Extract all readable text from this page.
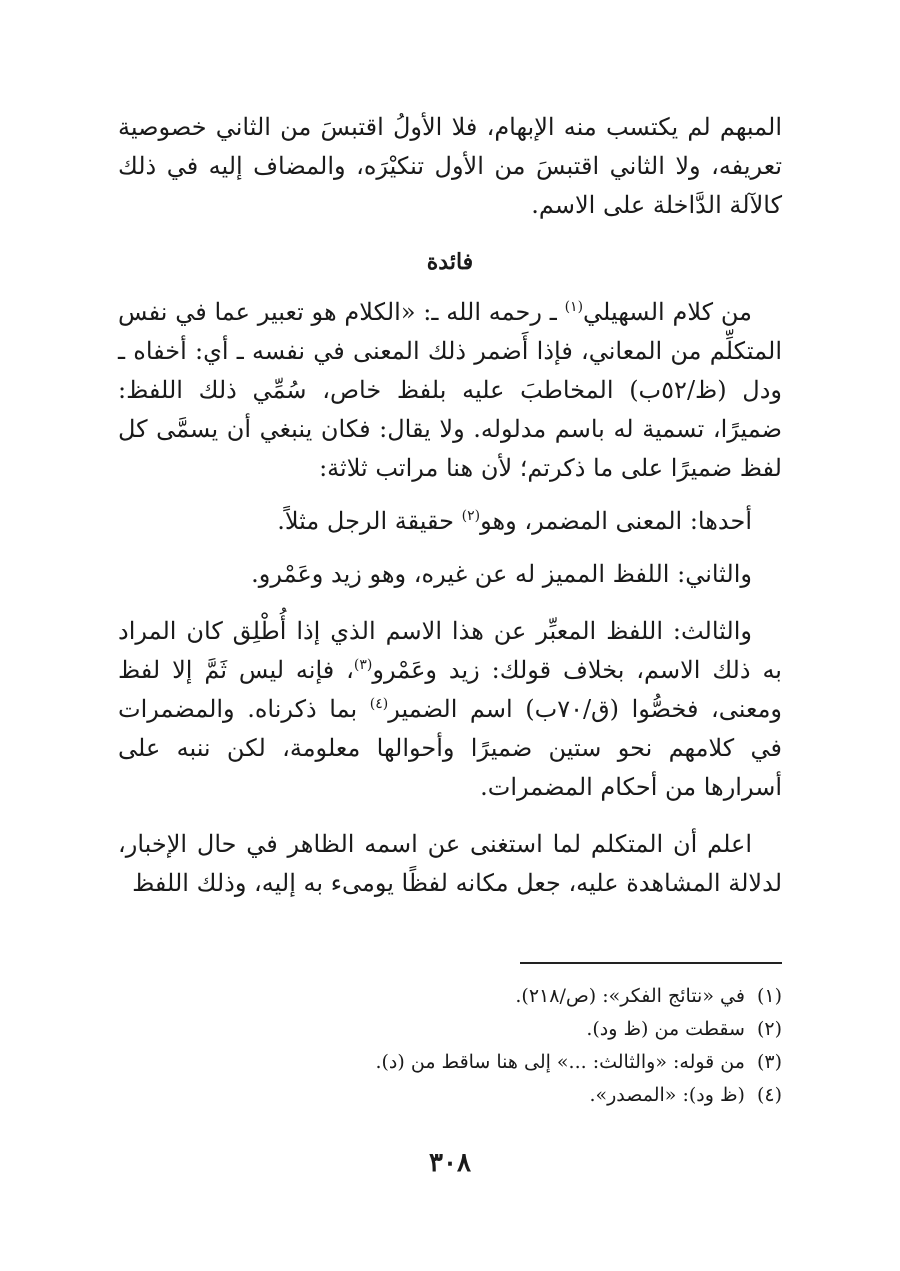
المبهم لم يكتسب منه الإبهام، فلا الأولُ اقتبسَ من الثاني خصوصية تعريفه، ولا الثاني اقتبسَ من الأول تنكيْرَه، والمضاف إليه في ذلك كالآلة الدَّاخلة على الاسم.

فائدة

من كلام السهيلي$^{(١)}$ ـ رحمه الله ـ: «الكلام هو تعبير عما في نفس المتكلِّم من المعاني، فإذا أَضمر ذلك المعنى في نفسه ـ أي: أخفاه ـ ودل (ظ/٥٢ب) المخاطبَ عليه بلفظ خاص، سُمِّي ذلك اللفظ: ضميرًا، تسمية له باسم مدلوله. ولا يقال: فكان ينبغي أن يسمَّى كل لفظ ضميرًا على ما ذكرتم؛ لأن هنا مراتب ثلاثة:

أحدها: المعنى المضمر، وهو$^{(٢)}$ حقيقة الرجل مثلاً.

والثاني: اللفظ المميز له عن غيره، وهو زيد وعَمْرو.

والثالث: اللفظ المعبِّر عن هذا الاسم الذي إذا أُطْلِق كان المراد به ذلك الاسم، بخلاف قولك: زيد وعَمْرو$^{(٣)}$، فإنه ليس ثَمَّ إلا لفظ ومعنى، فخصُّوا (ق/٧٠ب) اسم الضمير$^{(٤)}$ بما ذكرناه. والمضمرات في كلامهم نحو ستين ضميرًا وأحوالها معلومة، لكن ننبه على أسرارها من أحكام المضمرات.

اعلم أن المتكلم لما استغنى عن اسمه الظاهر في حال الإخبار، لدلالة المشاهدة عليه، جعل مكانه لفظًا يومىء به إليه، وذلك اللفظ

(١)في «نتائج الفكر»: (ص/٢١٨).

(٢)سقطت من (ظ ود).

(٣)من قوله: «والثالث: ...» إلى هنا ساقط من (د).

(٤)(ظ ود): «المصدر».

٣٠٨
